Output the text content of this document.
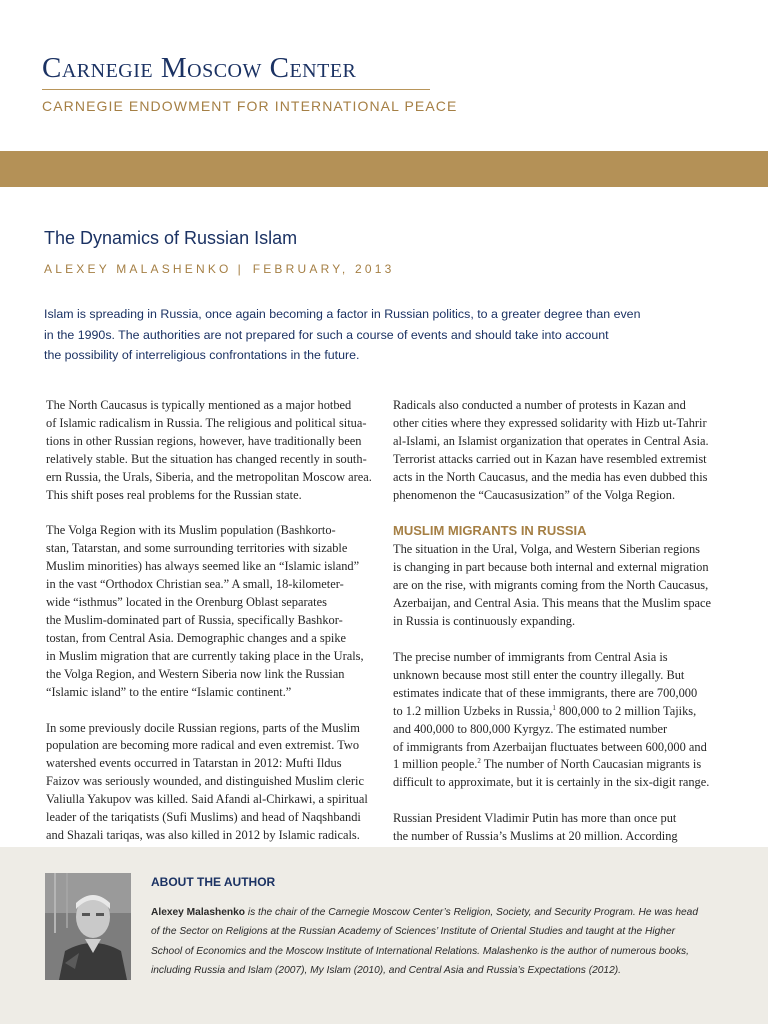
Carnegie Moscow Center
CARNEGIE ENDOWMENT FOR INTERNATIONAL PEACE
The Dynamics of Russian Islam
ALEXEY MALASHENKO | FEBRUARY, 2013

Islam is spreading in Russia, once again becoming a factor in Russian politics, to a greater degree than even

in the 1990s. The authorities are not prepared for such a course of events and should take into account

the possibility of interreligious confrontations in the future.

The North Caucasus is typically mentioned as a major hotbed
of Islamic radicalism in Russia. The religious and political situa-
tions in other Russian regions, however, have traditionally been
relatively stable. But the situation has changed recently in south-
ern Russia, the Urals, Siberia, and the metropolitan Moscow area.
This shift poses real problems for the Russian state.

The Volga Region with its Muslim population (Bashkorto-
stan, Tatarstan, and some surrounding territories with sizable
Muslim minorities) has always seemed like an “Islamic island”
in the vast “Orthodox Christian sea.” A small, 18-kilometer-
wide “isthmus” located in the Orenburg Oblast separates
the Muslim-dominated part of Russia, specifically Bashkor-
tostan, from Central Asia. Demographic changes and a spike
in Muslim migration that are currently taking place in the Urals,
the Volga Region, and Western Siberia now link the Russian
“Islamic island” to the entire “Islamic continent.”

In some previously docile Russian regions, parts of the Muslim
population are becoming more radical and even extremist. Two
watershed events occurred in Tatarstan in 2012: Mufti Ildus
Faizov was seriously wounded, and distinguished Muslim cleric
Valiulla Yakupov was killed. Said Afandi al-Chirkawi, a spiritual
leader of the tariqatists (Sufi Muslims) and head of Naqshbandi
and Shazali tariqas, was also killed in 2012 by Islamic radicals.

Radicals also conducted a number of protests in Kazan and
other cities where they expressed solidarity with Hizb ut-Tahrir
al-Islami, an Islamist organization that operates in Central Asia.
Terrorist attacks carried out in Kazan have resembled extremist
acts in the North Caucasus, and the media has even dubbed this
phenomenon the “Caucasusization” of the Volga Region.

MUSLIM MIGRANTS IN RUSSIA

The situation in the Ural, Volga, and Western Siberian regions
is changing in part because both internal and external migration
are on the rise, with migrants coming from the North Caucasus,
Azerbaijan, and Central Asia. This means that the Muslim space
in Russia is continuously expanding.

The precise number of immigrants from Central Asia is
unknown because most still enter the country illegally. But
estimates indicate that of these immigrants, there are 700,000
to 1.2 million Uzbeks in Russia,$^1$ 800,000 to 2 million Tajiks,
and 400,000 to 800,000 Kyrgyz. The estimated number
of immigrants from Azerbaijan fluctuates between 600,000 and
1 million people.$^2$ The number of North Caucasian migrants is
difficult to approximate, but it is certainly in the six-digit range.

Russian President Vladimir Putin has more than once put
the number of Russia’s Muslims at 20 million. According

ABOUT THE AUTHOR
Alexey Malashenko is the chair of the Carnegie Moscow Center’s Religion, Society, and Security Program. He was head
of the Sector on Religions at the Russian Academy of Sciences’ Institute of Oriental Studies and taught at the Higher
School of Economics and the Moscow Institute of International Relations. Malashenko is the author of numerous books,
including Russia and Islam (2007), My Islam (2010), and Central Asia and Russia’s Expectations (2012).
